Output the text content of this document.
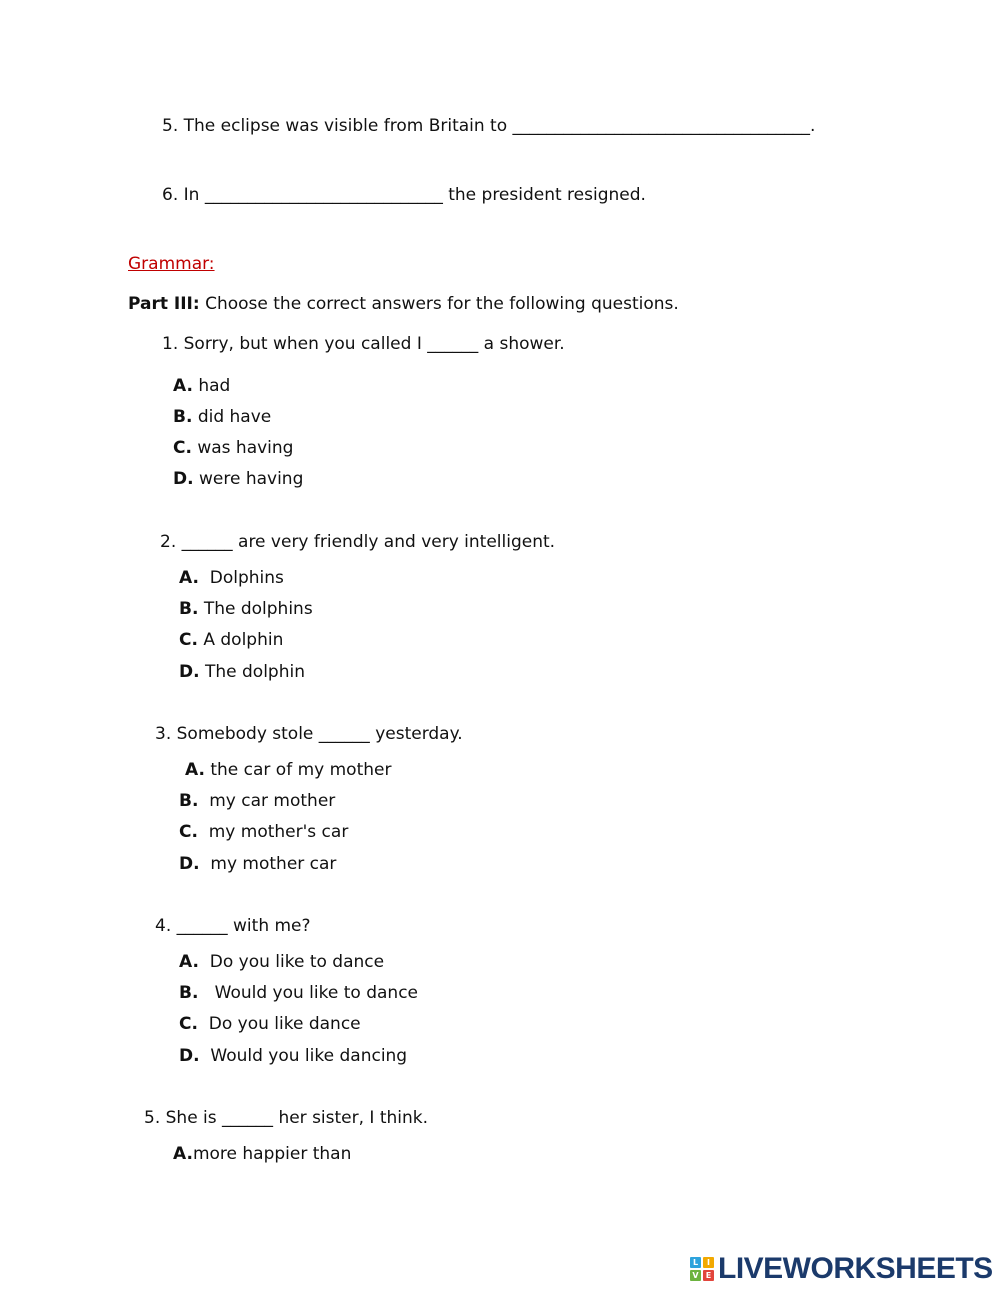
5. The eclipse was visible from Britain to ___________________________________.
6. In ____________________________ the president resigned.
Grammar:
Part III: Choose the correct answers for the following questions.
1. Sorry, but when you called I ______ a shower.
A. had
B. did have
C. was having
D. were having
2. ______ are very friendly and very intelligent.
A. Dolphins
B. The dolphins
C. A dolphin
D. The dolphin
3. Somebody stole ______ yesterday.
A. the car of my mother
B. my car mother
C. my mother's car
D. my mother car
4. ______ with me?
A. Do you like to dance
B. Would you like to dance
C. Do you like dance
D. Would you like dancing
5. She is ______ her sister, I think.
A.more happier than
L	I
V E LIVEWORKSHEETS
